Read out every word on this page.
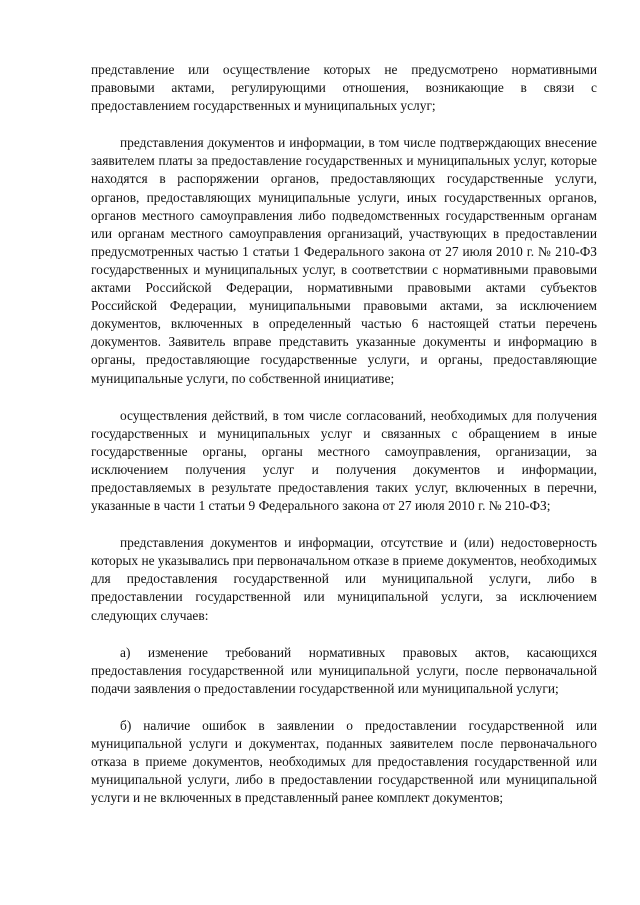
представление или осуществление которых не предусмотрено нормативными правовыми актами, регулирующими отношения, возникающие в связи с предоставлением государственных и муниципальных услуг;

представления документов и информации, в том числе подтверждающих внесение заявителем платы за предоставление государственных и муниципальных услуг, которые находятся в распоряжении органов, предоставляющих государственные услуги, органов, предоставляющих муниципальные услуги, иных государственных органов, органов местного самоуправления либо подведомственных государственным органам или органам местного самоуправления организаций, участвующих в предоставлении предусмотренных частью 1 статьи 1 Федерального закона от 27 июля 2010 г. № 210-ФЗ государственных и муниципальных услуг, в соответствии с нормативными правовыми актами Российской Федерации, нормативными правовыми актами субъектов Российской Федерации, муниципальными правовыми актами, за исключением документов, включенных в определенный частью 6 настоящей статьи перечень документов. Заявитель вправе представить указанные документы и информацию в органы, предоставляющие государственные услуги, и органы, предоставляющие муниципальные услуги, по собственной инициативе;

осуществления действий, в том числе согласований, необходимых для получения государственных и муниципальных услуг и связанных с обращением в иные государственные органы, органы местного самоуправления, организации, за исключением получения услуг и получения документов и информации, предоставляемых в результате предоставления таких услуг, включенных в перечни, указанные в части 1 статьи 9 Федерального закона от 27 июля 2010 г. № 210-ФЗ;

представления документов и информации, отсутствие и (или) недостоверность которых не указывались при первоначальном отказе в приеме документов, необходимых для предоставления государственной или муниципальной услуги, либо в предоставлении государственной или муниципальной услуги, за исключением следующих случаев:

а) изменение требований нормативных правовых актов, касающихся предоставления государственной или муниципальной услуги, после первоначальной подачи заявления о предоставлении государственной или муниципальной услуги;

б) наличие ошибок в заявлении о предоставлении государственной или муниципальной услуги и документах, поданных заявителем после первоначального отказа в приеме документов, необходимых для предоставления государственной или муниципальной услуги, либо в предоставлении государственной или муниципальной услуги и не включенных в представленный ранее комплект документов;
